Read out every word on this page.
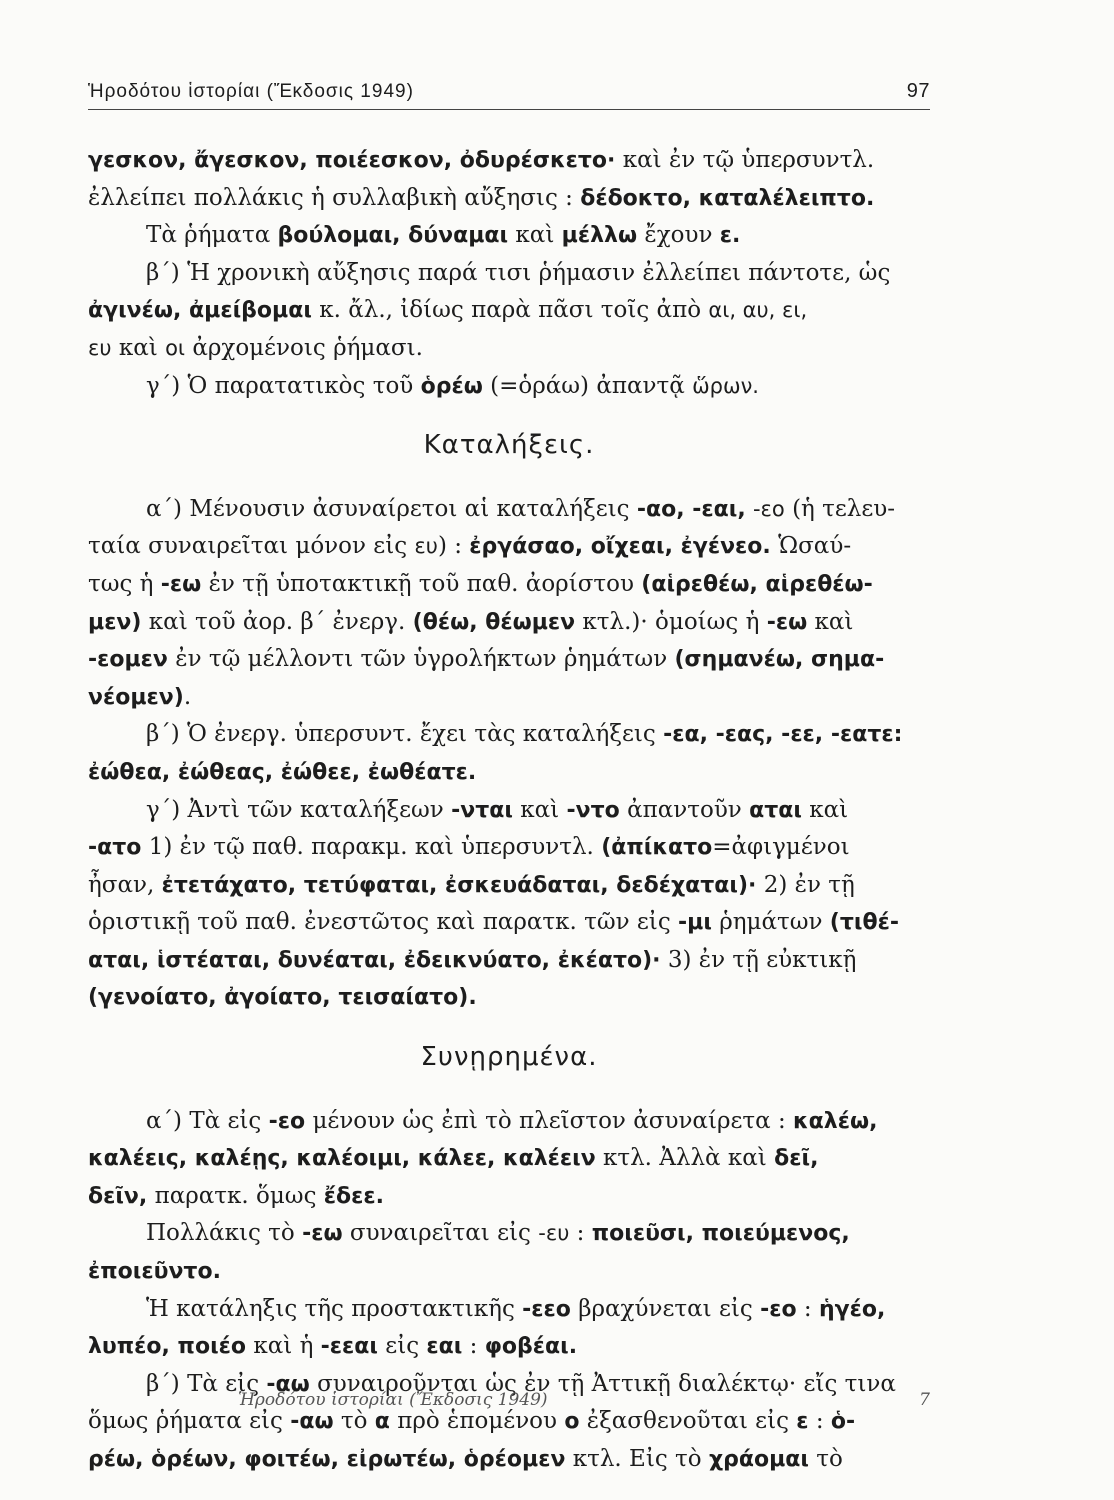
Ἡροδότου ἱστορίαι (Ἔκδοσις 1949)	97
γεσκον, ἄγεσκον, ποιέεσκον, ὀδυρέσκετο· καὶ ἐν τῷ ὑπερσυντλ.
ἐλλείπει πολλάκις ἡ συλλαβικὴ αὔξησις : δέδοκτο, καταλέλειπτο.
Τὰ ῥήματα βούλομαι, δύναμαι καὶ μέλλω ἔχουν ε.
β΄) Ἡ χρονικὴ αὔξησις παρά τισι ῥήμασιν ἐλλείπει πάντοτε, ὡς
ἀγινέω, ἀμείβομαι κ. ἄλ., ἰδίως παρὰ πᾶσι τοῖς ἀπὸ αι, αυ, ει,
ευ καὶ οι ἀρχομένοις ῥήμασι.
γ΄) Ὁ παρατατικὸς τοῦ ὁρέω (=ὁράω) ἀπαντᾷ ὥρων.
Καταλήξεις.
α΄) Μένουσιν ἀσυναίρετοι αἱ καταλήξεις -αο, -εαι, -εο (ἡ τελευ-
ταία συναιρεῖται μόνον εἰς ευ) : ἐργάσαο, οἴχεαι, ἐγένεο. Ὡσαύ-
τως ἡ -εω ἐν τῇ ὑποτακτικῇ τοῦ παθ. ἀορίστου (αἱρεθέω, αἱρεθέω-
μεν) καὶ τοῦ ἀορ. β΄ ἐνεργ. (θέω, θέωμεν κτλ.)· ὁμοίως ἡ -εω καὶ
-εομεν ἐν τῷ μέλλοντι τῶν ὑγρολήκτων ῥημάτων (σημανέω, σημα-
νέομεν).
β΄) Ὁ ἐνεργ. ὑπερσυντ. ἔχει τὰς καταλήξεις -εα, -εας, -εε, -εατε:
ἐώθεα, ἐώθεας, ἐώθεε, ἐωθέατε.
γ΄) Ἀντὶ τῶν καταλήξεων -νται καὶ -ντο ἀπαντοῦν αται καὶ
-ατο 1) ἐν τῷ παθ. παρακμ. καὶ ὑπερσυντλ. (ἀπίκατο=ἀφιγμένοι
ἦσαν, ἐτετάχατο, τετύφαται, ἐσκευάδαται, δεδέχαται)· 2) ἐν τῇ
ὁριστικῇ τοῦ παθ. ἐνεστῶτος καὶ παρατκ. τῶν εἰς -μι ῥημάτων (τιθέ-
αται, ἱστέαται, δυνέαται, ἐδεικνύατο, ἐκέατο)· 3) ἐν τῇ εὐκτικῇ
(γενοίατο, ἀγοίατο, τεισαίατο).
Συνῃρημένα.
α΄) Τὰ εἰς -εο μένουν ὡς ἐπὶ τὸ πλεῖστον ἀσυναίρετα : καλέω,
καλέεις, καλέῃς, καλέοιμι, κάλεε, καλέειν κτλ. Ἀλλὰ καὶ δεῖ,
δεῖν, παρατκ. ὅμως ἔδεε.
Πολλάκις τὸ -εω συναιρεῖται εἰς -ευ : ποιεῦσι, ποιεύμενος,
ἐποιεῦντο.
Ἡ κατάληξις τῆς προστακτικῆς -εεο βραχύνεται εἰς -εο : ἡγέο,
λυπέο, ποιέο καὶ ἡ -εεαι εἰς εαι : φοβέαι.
β΄) Τὰ εἰς -αω συναιροῦνται ὡς ἐν τῇ Ἀττικῇ διαλέκτῳ· εἴς τινα
ὅμως ῥήματα εἰς -αω τὸ α πρὸ ἑπομένου ο ἐξασθενοῦται εἰς ε : ὁ-
ρέω, ὁρέων, φοιτέω, εἰρωτέω, ὁρέομεν κτλ. Εἰς τὸ χράομαι τὸ
Ἡροδότου ἱστορίαι (Ἔκδοσις 1949)	7
